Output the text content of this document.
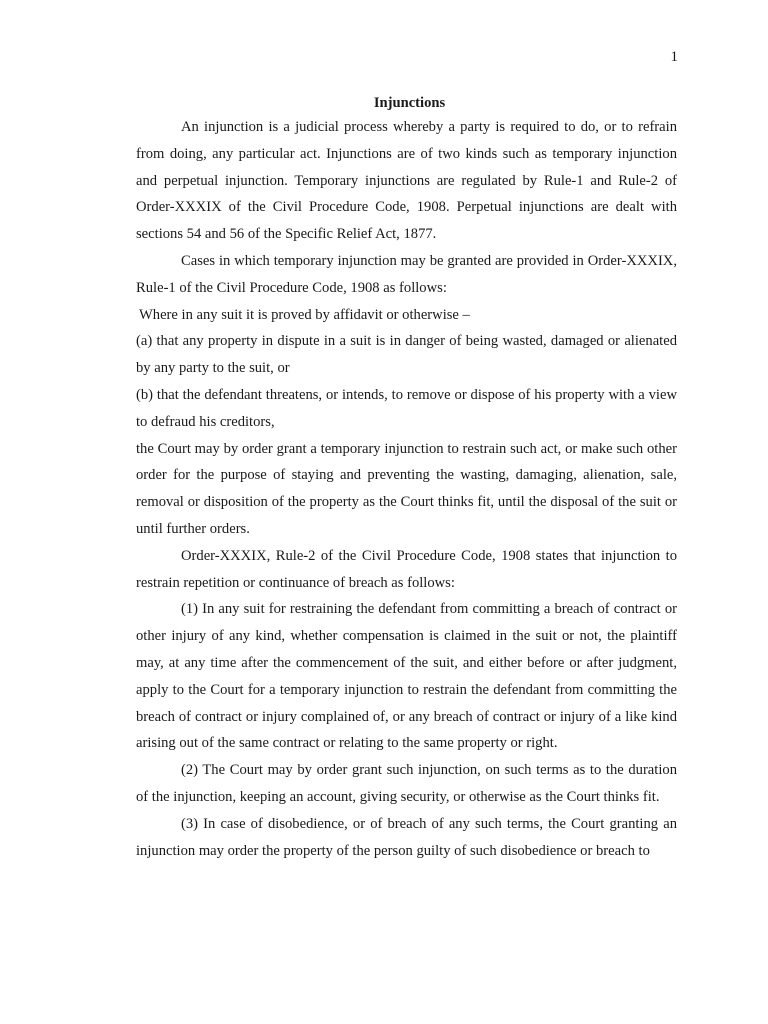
1

Injunctions

An injunction is a judicial process whereby a party is required to do, or to refrain from doing, any particular act. Injunctions are of two kinds such as temporary injunction and perpetual injunction. Temporary injunctions are regulated by Rule-1 and Rule-2 of Order-XXXIX of the Civil Procedure Code, 1908. Perpetual injunctions are dealt with sections 54 and 56 of the Specific Relief Act, 1877.

Cases in which temporary injunction may be granted are provided in Order-XXXIX, Rule-1 of the Civil Procedure Code, 1908 as follows:

Where in any suit it is proved by affidavit or otherwise –

(a) that any property in dispute in a suit is in danger of being wasted, damaged or alienated by any party to the suit, or

(b) that the defendant threatens, or intends, to remove or dispose of his property with a view to defraud his creditors,

the Court may by order grant a temporary injunction to restrain such act, or make such other order for the purpose of staying and preventing the wasting, damaging, alienation, sale, removal or disposition of the property as the Court thinks fit, until the disposal of the suit or until further orders.

Order-XXXIX, Rule-2 of the Civil Procedure Code, 1908 states that injunction to restrain repetition or continuance of breach as follows:

(1) In any suit for restraining the defendant from committing a breach of contract or other injury of any kind, whether compensation is claimed in the suit or not, the plaintiff may, at any time after the commencement of the suit, and either before or after judgment, apply to the Court for a temporary injunction to restrain the defendant from committing the breach of contract or injury complained of, or any breach of contract or injury of a like kind arising out of the same contract or relating to the same property or right.

(2) The Court may by order grant such injunction, on such terms as to the duration of the injunction, keeping an account, giving security, or otherwise as the Court thinks fit.

(3) In case of disobedience, or of breach of any such terms, the Court granting an injunction may order the property of the person guilty of such disobedience or breach to
